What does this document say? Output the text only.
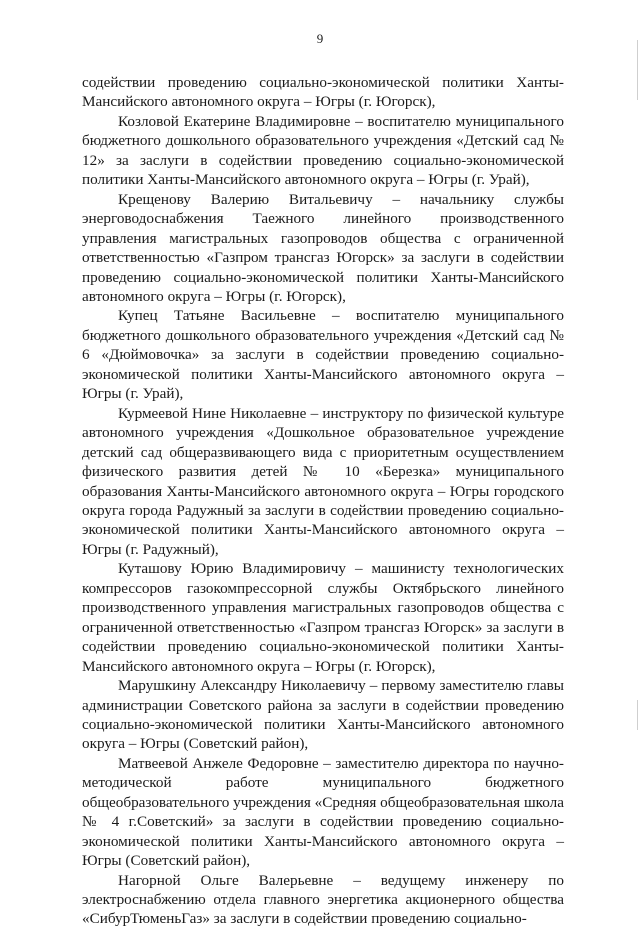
9

содействии проведению социально-экономической политики Ханты-Мансийского автономного округа – Югры (г. Югорск),

Козловой Екатерине Владимировне – воспитателю муниципального бюджетного дошкольного образовательного учреждения «Детский сад № 12» за заслуги в содействии проведению социально-экономической политики Ханты-Мансийского автономного округа – Югры (г. Урай),

Крещенову Валерию Витальевичу – начальнику службы энерговодоснабжения Таежного линейного производственного управления магистральных газопроводов общества с ограниченной ответственностью «Газпром трансгаз Югорск» за заслуги в содействии проведению социально-экономической политики Ханты-Мансийского автономного округа – Югры (г. Югорск),

Купец Татьяне Васильевне – воспитателю муниципального бюджетного дошкольного образовательного учреждения «Детский сад № 6 «Дюймовочка» за заслуги в содействии проведению социально-экономической политики Ханты-Мансийского автономного округа – Югры (г. Урай),

Курмеевой Нине Николаевне – инструктору по физической культуре автономного учреждения «Дошкольное образовательное учреждение детский сад общеразвивающего вида с приоритетным осуществлением физического развития детей № 10 «Березка» муниципального образования Ханты-Мансийского автономного округа – Югры городского округа города Радужный за заслуги в содействии проведению социально-экономической политики Ханты-Мансийского автономного округа – Югры (г. Радужный),

Куташову Юрию Владимировичу – машинисту технологических компрессоров газокомпрессорной службы Октябрьского линейного производственного управления магистральных газопроводов общества с ограниченной ответственностью «Газпром трансгаз Югорск» за заслуги в содействии проведению социально-экономической политики Ханты-Мансийского автономного округа – Югры (г. Югорск),

Марушкину Александру Николаевичу – первому заместителю главы администрации Советского района за заслуги в содействии проведению социально-экономической политики Ханты-Мансийского автономного округа – Югры (Советский район),

Матвеевой Анжеле Федоровне – заместителю директора по научно-методической работе муниципального бюджетного общеобразовательного учреждения «Средняя общеобразовательная школа № 4 г.Советский» за заслуги в содействии проведению социально-экономической политики Ханты-Мансийского автономного округа – Югры (Советский район),

Нагорной Ольге Валерьевне – ведущему инженеру по электроснабжению отдела главного энергетика акционерного общества «СибурТюменьГаз» за заслуги в содействии проведению социально-
